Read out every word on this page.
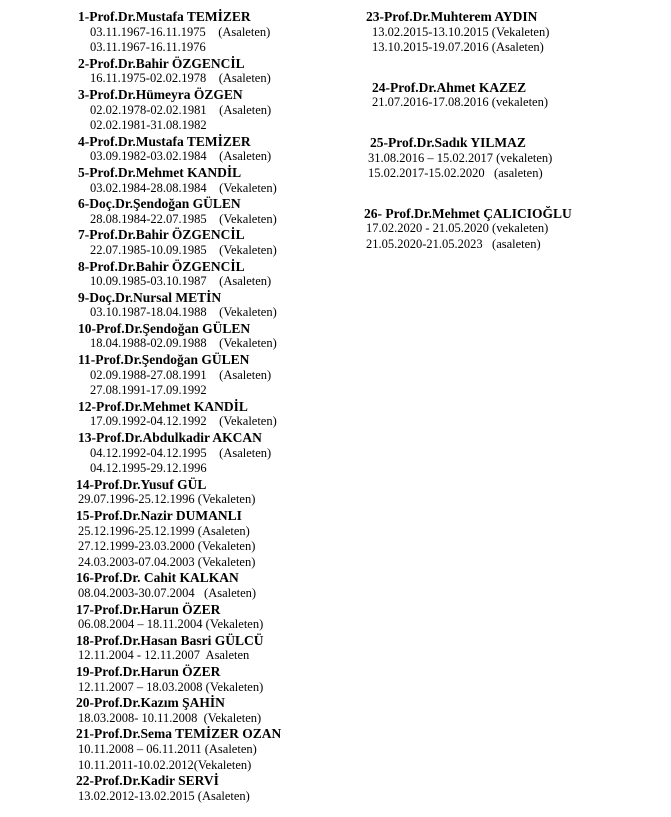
1-Prof.Dr.Mustafa TEMİZER
03.11.1967-16.11.1975    (Asaleten)
03.11.1967-16.11.1976
2-Prof.Dr.Bahir ÖZGENCİL
16.11.1975-02.02.1978    (Asaleten)
3-Prof.Dr.Hümeyra ÖZGEN
02.02.1978-02.02.1981    (Asaleten)
02.02.1981-31.08.1982
4-Prof.Dr.Mustafa TEMİZER
03.09.1982-03.02.1984    (Asaleten)
5-Prof.Dr.Mehmet KANDİL
03.02.1984-28.08.1984    (Vekaleten)
6-Doç.Dr.Şendoğan GÜLEN
28.08.1984-22.07.1985    (Vekaleten)
7-Prof.Dr.Bahir ÖZGENCİL
22.07.1985-10.09.1985    (Vekaleten)
8-Prof.Dr.Bahir ÖZGENCİL
10.09.1985-03.10.1987    (Asaleten)
9-Doç.Dr.Nursal METİN
03.10.1987-18.04.1988    (Vekaleten)
10-Prof.Dr.Şendoğan GÜLEN
18.04.1988-02.09.1988    (Vekaleten)
11-Prof.Dr.Şendoğan GÜLEN
02.09.1988-27.08.1991    (Asaleten)
27.08.1991-17.09.1992
12-Prof.Dr.Mehmet KANDİL
17.09.1992-04.12.1992    (Vekaleten)
13-Prof.Dr.Abdulkadir AKCAN
04.12.1992-04.12.1995    (Asaleten)
04.12.1995-29.12.1996
14-Prof.Dr.Yusuf GÜL
29.07.1996-25.12.1996 (Vekaleten)
15-Prof.Dr.Nazir DUMANLI
25.12.1996-25.12.1999 (Asaleten)
27.12.1999-23.03.2000 (Vekaleten)
24.03.2003-07.04.2003 (Vekaleten)
16-Prof.Dr. Cahit KALKAN
08.04.2003-30.07.2004   (Asaleten)
17-Prof.Dr.Harun ÖZER
06.08.2004 – 18.11.2004 (Vekaleten)
18-Prof.Dr.Hasan Basri GÜLCÜ
12.11.2004 - 12.11.2007  Asaleten
19-Prof.Dr.Harun ÖZER
12.11.2007 – 18.03.2008 (Vekaleten)
20-Prof.Dr.Kazım ŞAHİN
18.03.2008- 10.11.2008  (Vekaleten)
21-Prof.Dr.Sema TEMİZER OZAN
10.11.2008 – 06.11.2011 (Asaleten)
10.11.2011-10.02.2012(Vekaleten)
22-Prof.Dr.Kadir SERVİ
13.02.2012-13.02.2015 (Asaleten)
23-Prof.Dr.Muhterem AYDIN
13.02.2015-13.10.2015 (Vekaleten)
13.10.2015-19.07.2016 (Asaleten)
24-Prof.Dr.Ahmet KAZEZ
21.07.2016-17.08.2016 (vekaleten)
25-Prof.Dr.Sadık YILMAZ
31.08.2016 – 15.02.2017 (vekaleten)
15.02.2017-15.02.2020   (asaleten)
26- Prof.Dr.Mehmet ÇALICIOĞLU
17.02.2020 - 21.05.2020 (vekaleten)
21.05.2020-21.05.2023   (asaleten)
